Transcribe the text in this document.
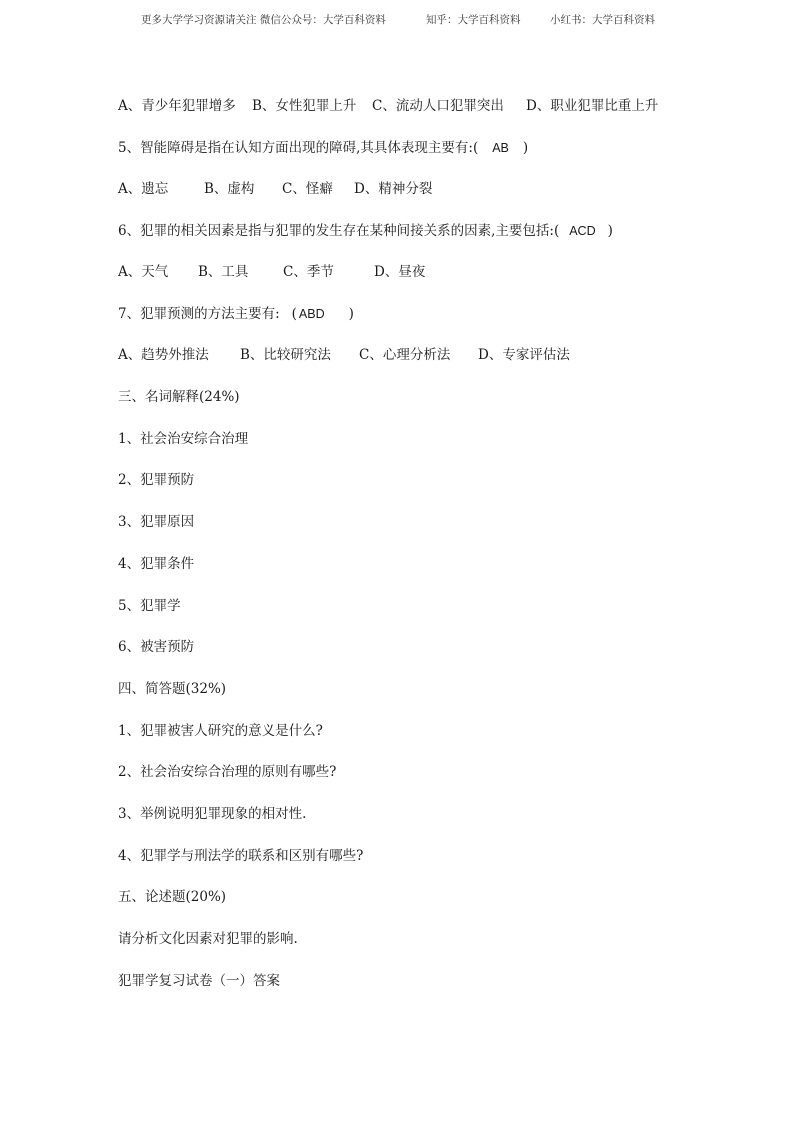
更多大学学习资源请关注 微信公众号：大学百科资料	知乎：大学百科资料	小红书：大学百科资料
A、青少年犯罪增多 B、女性犯罪上升 C、流动人口犯罪突出 D、职业犯罪比重上升
5、智能障碍是指在认知方面出现的障碍,其具体表现主要有:( AB )
A、遗忘	B、虚构 C、怪癖 D、精神分裂
6、犯罪的相关因素是指与犯罪的发生存在某种间接关系的因素,主要包括:( ACD )
A、天气 B、工具	C、季节	D、昼夜
7、犯罪预测的方法主要有: ( ABD )
A、趋势外推法 B、比较研究法 C、心理分析法 D、专家评估法
三、名词解释(24%)
1、社会治安综合治理
2、犯罪预防
3、犯罪原因
4、犯罪条件
5、犯罪学
6、被害预防
四、简答题(32%)
1、犯罪被害人研究的意义是什么?
2、社会治安综合治理的原则有哪些?
3、举例说明犯罪现象的相对性.
4、犯罪学与刑法学的联系和区别有哪些?
五、论述题(20%)
请分析文化因素对犯罪的影响.
犯罪学复习试卷（一）答案
